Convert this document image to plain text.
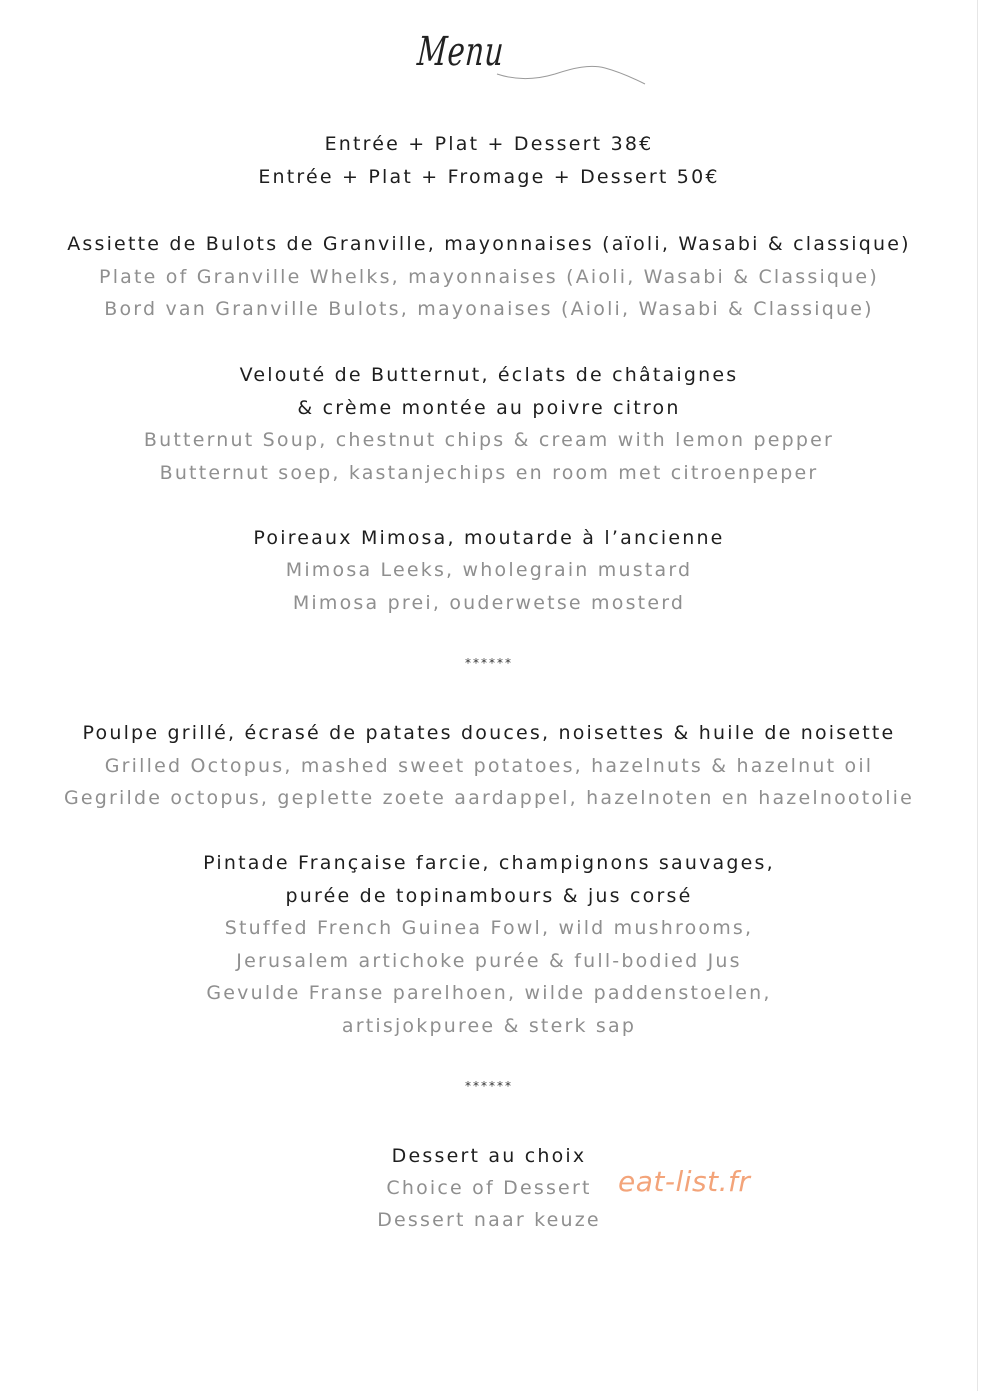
Menu
Entrée + Plat + Dessert 38€
Entrée + Plat + Fromage + Dessert 50€
Assiette de Bulots de Granville, mayonnaises (aïoli, Wasabi & classique)
Plate of Granville Whelks, mayonnaises (Aioli, Wasabi & Classique)
Bord van Granville Bulots, mayonaises (Aioli, Wasabi & Classique)
Velouté de Butternut, éclats de châtaignes
& crème montée au poivre citron
Butternut Soup, chestnut chips & cream with lemon pepper
Butternut soep, kastanjechips en room met citroenpeper
Poireaux Mimosa, moutarde à l’ancienne
Mimosa Leeks, wholegrain mustard
Mimosa prei, ouderwetse mosterd
******
Poulpe grillé, écrasé de patates douces, noisettes & huile de noisette
Grilled Octopus, mashed sweet potatoes, hazelnuts & hazelnut oil
Gegrilde octopus, geplette zoete aardappel, hazelnoten en hazelnootolie
Pintade Française farcie, champignons sauvages,
purée de topinambours & jus corsé
Stuffed French Guinea Fowl, wild mushrooms,
Jerusalem artichoke purée & full-bodied Jus
Gevulde Franse parelhoen, wilde paddenstoelen,
artisjokpuree & sterk sap
******
Dessert au choix
Choice of Dessert
Dessert naar keuze
eat-list.fr
